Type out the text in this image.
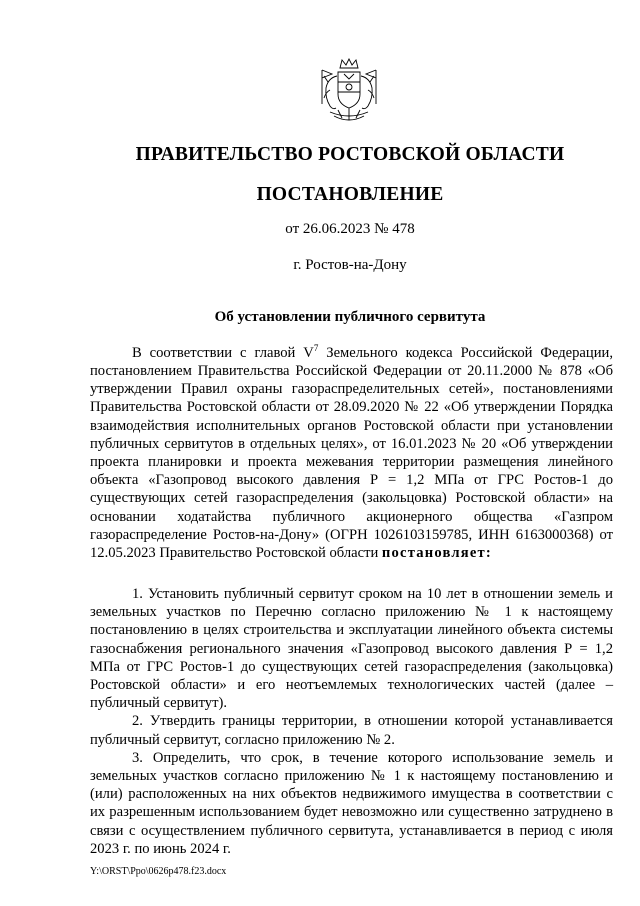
ПРАВИТЕЛЬСТВО РОСТОВСКОЙ ОБЛАСТИ
ПОСТАНОВЛЕНИЕ
от 26.06.2023 № 478
г. Ростов-на-Дону
Об установлении публичного сервитута

В соответствии с главой $V^7$ Земельного кодекса Российской Федерации, постановлением Правительства Российской Федерации от 20.11.2000 № 878 «Об утверждении Правил охраны газораспределительных сетей», постановлениями Правительства Ростовской области от 28.09.2020 № 22 «Об утверждении Порядка взаимодействия исполнительных органов Ростовской области при установлении публичных сервитутов в отдельных целях», от 16.01.2023 № 20 «Об утверждении проекта планировки и проекта межевания территории размещения линейного объекта «Газопровод высокого давления Р = 1,2 МПа от ГРС Ростов-1 до существующих сетей газораспределения (закольцовка) Ростовской области» на основании ходатайства публичного акционерного общества «Газпром газораспределение Ростов-на-Дону» (ОГРН 1026103159785, ИНН 6163000368) от 12.05.2023 Правительство Ростовской области постановляет:

1. Установить публичный сервитут сроком на 10 лет в отношении земель и земельных участков по Перечню согласно приложению № 1 к настоящему постановлению в целях строительства и эксплуатации линейного объекта системы газоснабжения регионального значения «Газопровод высокого давления Р = 1,2 МПа от ГРС Ростов-1 до существующих сетей газораспределения (закольцовка) Ростовской области» и его неотъемлемых технологических частей (далее – публичный сервитут).

2. Утвердить границы территории, в отношении которой устанавливается публичный сервитут, согласно приложению № 2.

3. Определить, что срок, в течение которого использование земель и земельных участков согласно приложению № 1 к настоящему постановлению и (или) расположенных на них объектов недвижимого имущества в соответствии с их разрешенным использованием будет невозможно или существенно затруднено в связи с осуществлением публичного сервитута, устанавливается в период с июля 2023 г. по июнь 2024 г.

Y:\ORST\Ppo\0626p478.f23.docx
